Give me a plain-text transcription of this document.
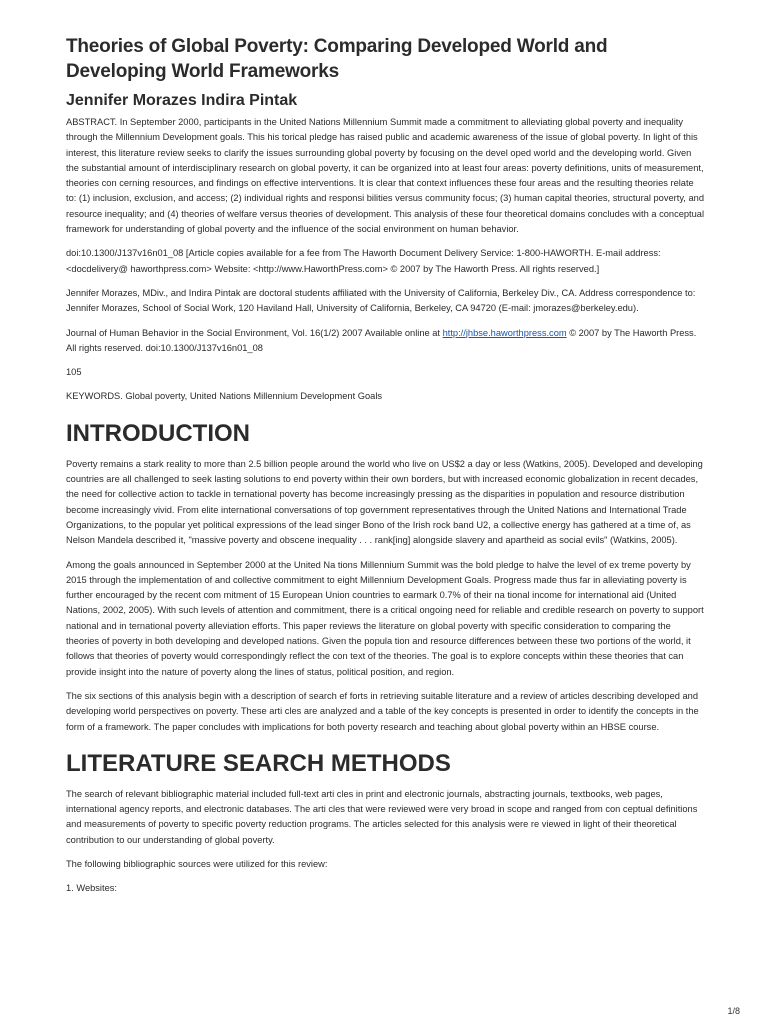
Theories of Global Poverty: Comparing Developed World and Developing World Frameworks
Jennifer Morazes Indira Pintak

ABSTRACT. In September 2000, participants in the United Nations Millennium Summit made a commitment to alleviating global poverty and inequality through the Millennium Development goals. This his torical pledge has raised public and academic awareness of the issue of global poverty. In light of this interest, this literature review seeks to clarify the issues surrounding global poverty by focusing on the devel oped world and the developing world. Given the substantial amount of interdisciplinary research on global poverty, it can be organized into at least four areas: poverty definitions, units of measurement, theories con cerning resources, and findings on effective interventions. It is clear that context influences these four areas and the resulting theories relate to: (1) inclusion, exclusion, and access; (2) individual rights and responsi bilities versus community focus; (3) human capital theories, structural poverty, and resource inequality; and (4) theories of welfare versus theories of development. This analysis of these four theoretical domains concludes with a conceptual framework for understanding of global poverty and the influence of the social environment on human behavior.

doi:10.1300/J137v16n01_08 [Article copies available for a fee from The Haworth Document Delivery Service: 1-800-HAWORTH. E-mail address: <docdelivery@ haworthpress.com> Website: <http://www.HaworthPress.com> © 2007 by The Haworth Press. All rights reserved.]

Jennifer Morazes, MDiv., and Indira Pintak are doctoral students affiliated with the University of California, Berkeley Div., CA. Address correspondence to: Jennifer Morazes, School of Social Work, 120 Haviland Hall, University of California, Berkeley, CA 94720 (E-mail: jmorazes@berkeley.edu).

Journal of Human Behavior in the Social Environment, Vol. 16(1/2) 2007 Available online at http://jhbse.haworthpress.com © 2007 by The Haworth Press. All rights reserved. doi:10.1300/J137v16n01_08

105

KEYWORDS. Global poverty, United Nations Millennium Development Goals

INTRODUCTION

Poverty remains a stark reality to more than 2.5 billion people around the world who live on US$2 a day or less (Watkins, 2005). Developed and developing countries are all challenged to seek lasting solutions to end poverty within their own borders, but with increased economic globalization in recent decades, the need for collective action to tackle in ternational poverty has become increasingly pressing as the disparities in population and resource distribution become increasingly vivid. From elite international conversations of top government representatives through the United Nations and International Trade Organizations, to the popular yet political expressions of the lead singer Bono of the Irish rock band U2, a collective energy has gathered at a time of, as Nelson Mandela described it, "massive poverty and obscene inequality . . . rank[ing] alongside slavery and apartheid as social evils" (Watkins, 2005).

Among the goals announced in September 2000 at the United Na tions Millennium Summit was the bold pledge to halve the level of ex treme poverty by 2015 through the implementation of and collective commitment to eight Millennium Development Goals. Progress made thus far in alleviating poverty is further encouraged by the recent com mitment of 15 European Union countries to earmark 0.7% of their na tional income for international aid (United Nations, 2002, 2005). With such levels of attention and commitment, there is a critical ongoing need for reliable and credible research on poverty to support national and in ternational poverty alleviation efforts. This paper reviews the literature on global poverty with specific consideration to comparing the theories of poverty in both developing and developed nations. Given the popula tion and resource differences between these two portions of the world, it follows that theories of poverty would correspondingly reflect the con text of the theories. The goal is to explore concepts within these theories that can provide insight into the nature of poverty along the lines of status, political position, and region.

The six sections of this analysis begin with a description of search ef forts in retrieving suitable literature and a review of articles describing developed and developing world perspectives on poverty. These arti cles are analyzed and a table of the key concepts is presented in order to identify the concepts in the form of a framework. The paper concludes with implications for both poverty research and teaching about global poverty within an HBSE course.

LITERATURE SEARCH METHODS

The search of relevant bibliographic material included full-text arti cles in print and electronic journals, abstracting journals, textbooks, web pages, international agency reports, and electronic databases. The arti cles that were reviewed were very broad in scope and ranged from con ceptual definitions and measurements of poverty to specific poverty reduction programs. The articles selected for this analysis were re viewed in light of their theoretical contribution to our understanding of global poverty.

The following bibliographic sources were utilized for this review:

1. Websites:

1/8
